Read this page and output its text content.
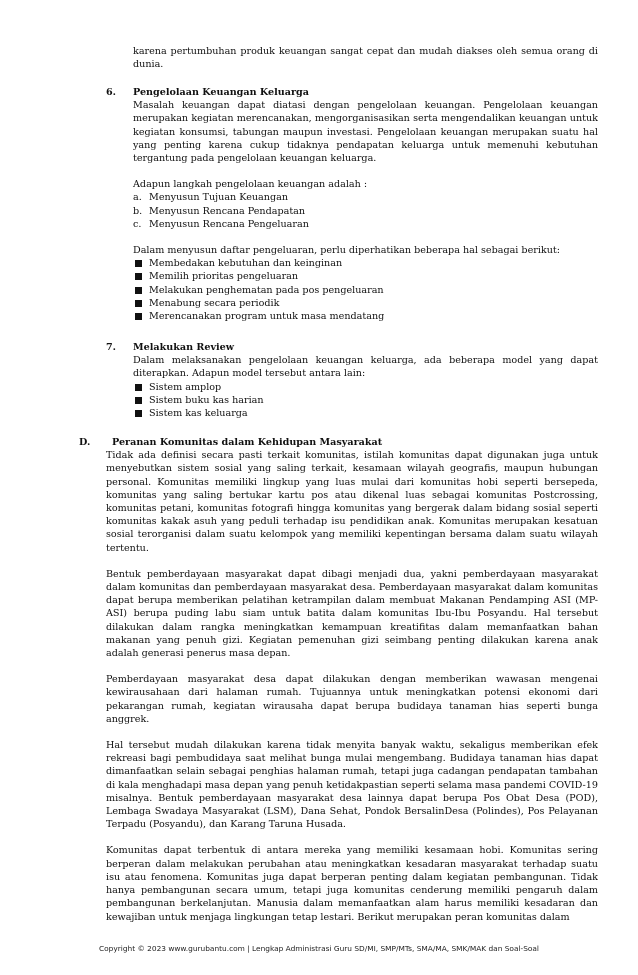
karena pertumbuhan produk keuangan sangat cepat dan mudah diakses oleh semua orang di dunia.

6. Pengelolaan Keuangan Keluarga

Masalah keuangan dapat diatasi dengan pengelolaan keuangan. Pengelolaan keuangan merupakan kegiatan merencanakan, mengorganisasikan serta mengendalikan keuangan untuk kegiatan konsumsi, tabungan maupun investasi. Pengelolaan keuangan merupakan suatu hal yang penting karena cukup tidaknya pendapatan keluarga untuk memenuhi kebutuhan tergantung pada pengelolaan keuangan keluarga.

Adapun langkah pengelolaan keuangan adalah :
a. Menyusun Tujuan Keuangan
b. Menyusun Rencana Pendapatan
c. Menyusun Rencana Pengeluaran
Dalam menyusun daftar pengeluaran, perlu diperhatikan beberapa hal sebagai berikut:
Membedakan kebutuhan dan keinginan
Memilih prioritas pengeluaran
Melakukan penghematan pada pos pengeluaran
Menabung secara periodik
Merencanakan program untuk masa mendatang
7. Melakukan Review

Dalam melaksanakan pengelolaan keuangan keluarga, ada beberapa model yang dapat diterapkan. Adapun model tersebut antara lain:

Sistem amplop
Sistem buku kas harian
Sistem kas keluarga
D.	Peranan Komunitas dalam Kehidupan Masyarakat

Tidak ada definisi secara pasti terkait komunitas, istilah komunitas dapat digunakan juga untuk menyebutkan sistem sosial yang saling terkait, kesamaan wilayah geografis, maupun hubungan personal. Komunitas memiliki lingkup yang luas mulai dari komunitas hobi seperti bersepeda, komunitas yang saling bertukar kartu pos atau dikenal luas sebagai komunitas Postcrossing, komunitas petani, komunitas fotografi hingga komunitas yang bergerak dalam bidang sosial seperti komunitas kakak asuh yang peduli terhadap isu pendidikan anak. Komunitas merupakan kesatuan sosial terorganisi dalam suatu kelompok yang memiliki kepentingan bersama dalam suatu wilayah tertentu.

Bentuk pemberdayaan masyarakat dapat dibagi menjadi dua, yakni pemberdayaan masyarakat dalam komunitas dan pemberdayaan masyarakat desa. Pemberdayaan masyarakat dalam komunitas dapat berupa memberikan pelatihan ketrampilan dalam membuat Makanan Pendamping ASI (MP-ASI) berupa puding labu siam untuk batita dalam komunitas Ibu-Ibu Posyandu. Hal tersebut dilakukan dalam rangka meningkatkan kemampuan kreatifitas dalam memanfaatkan bahan makanan yang penuh gizi. Kegiatan pemenuhan gizi seimbang penting dilakukan karena anak adalah generasi penerus masa depan.

Pemberdayaan masyarakat desa dapat dilakukan dengan memberikan wawasan mengenai kewirausahaan dari halaman rumah. Tujuannya untuk meningkatkan potensi ekonomi dari pekarangan rumah, kegiatan wirausaha dapat berupa budidaya tanaman hias seperti bunga anggrek.

Hal tersebut mudah dilakukan karena tidak menyita banyak waktu, sekaligus memberikan efek rekreasi bagi pembudidaya saat melihat bunga mulai mengembang. Budidaya tanaman hias dapat dimanfaatkan selain sebagai penghias halaman rumah, tetapi juga cadangan pendapatan tambahan di kala menghadapi masa depan yang penuh ketidakpastian seperti selama masa pandemi COVID-19 misalnya. Bentuk pemberdayaan masyarakat desa lainnya dapat berupa Pos Obat Desa (POD), Lembaga Swadaya Masyarakat (LSM), Dana Sehat, Pondok BersalinDesa (Polindes), Pos Pelayanan Terpadu (Posyandu), dan Karang Taruna Husada.

Komunitas dapat terbentuk di antara mereka yang memiliki kesamaan hobi. Komunitas sering berperan dalam melakukan perubahan atau meningkatkan kesadaran masyarakat terhadap suatu isu atau fenomena. Komunitas juga dapat berperan penting dalam kegiatan pembangunan. Tidak hanya pembangunan secara umum, tetapi juga komunitas cenderung memiliki pengaruh dalam pembangunan berkelanjutan. Manusia dalam memanfaatkan alam harus memiliki kesadaran dan kewajiban untuk menjaga lingkungan tetap lestari. Berikut merupakan peran komunitas dalam

Copyright © 2023 www.gurubantu.com | Lengkap Administrasi Guru SD/MI, SMP/MTs, SMA/MA, SMK/MAK dan Soal-Soal
